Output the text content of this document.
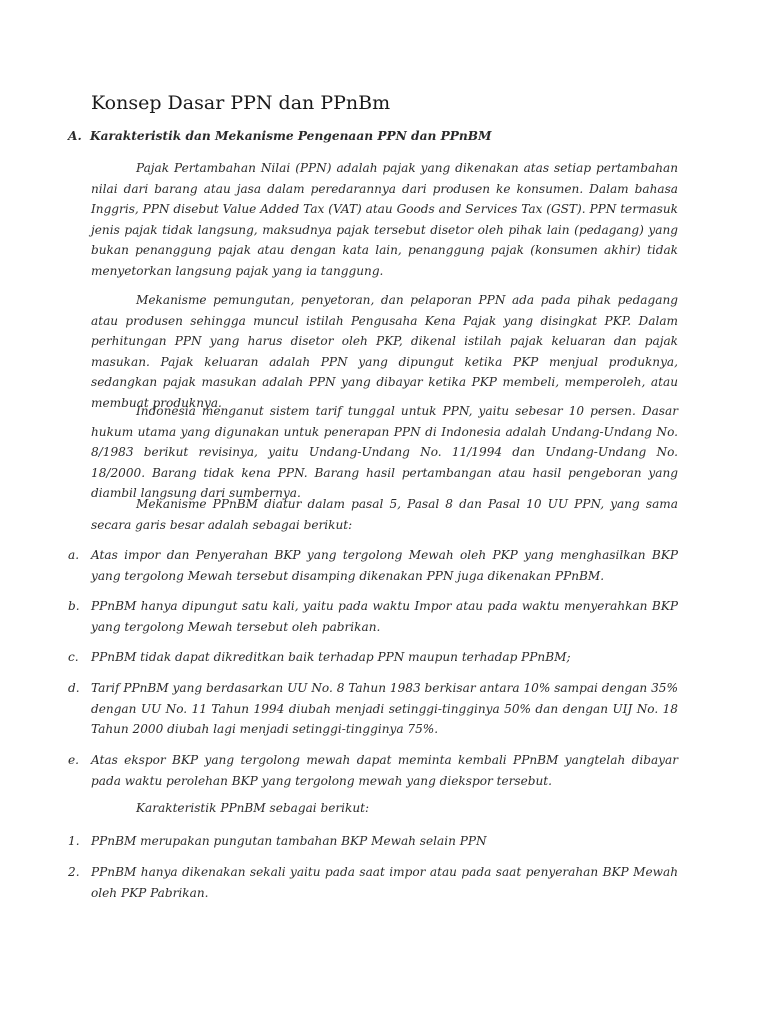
Konsep Dasar PPN dan PPnBm
A. Karakteristik dan Mekanisme Pengenaan PPN dan PPnBM

Pajak Pertambahan Nilai (PPN) adalah pajak yang dikenakan atas setiap pertambahan nilai dari barang atau jasa dalam peredarannya dari produsen ke konsumen. Dalam bahasa Inggris, PPN disebut Value Added Tax (VAT) atau Goods and Services Tax (GST). PPN termasuk jenis pajak tidak langsung, maksudnya pajak tersebut disetor oleh pihak lain (pedagang) yang bukan penanggung pajak atau dengan kata lain, penanggung pajak (konsumen akhir) tidak menyetorkan langsung pajak yang ia tanggung.

Mekanisme pemungutan, penyetoran, dan pelaporan PPN ada pada pihak pedagang atau produsen sehingga muncul istilah Pengusaha Kena Pajak yang disingkat PKP. Dalam perhitungan PPN yang harus disetor oleh PKP, dikenal istilah pajak keluaran dan pajak masukan. Pajak keluaran adalah PPN yang dipungut ketika PKP menjual produknya, sedangkan pajak masukan adalah PPN yang dibayar ketika PKP membeli, memperoleh, atau membuat produknya.

Indonesia menganut sistem tarif tunggal untuk PPN, yaitu sebesar 10 persen. Dasar hukum utama yang digunakan untuk penerapan PPN di Indonesia adalah Undang-Undang No. 8/1983 berikut revisinya, yaitu Undang-Undang No. 11/1994 dan Undang-Undang No. 18/2000. Barang tidak kena PPN. Barang hasil pertambangan atau hasil pengeboran yang diambil langsung dari sumbernya.

Mekanisme PPnBM diatur dalam pasal 5, Pasal 8 dan Pasal 10 UU PPN, yang sama secara garis besar adalah sebagai berikut:

a. Atas impor dan Penyerahan BKP yang tergolong Mewah oleh PKP yang menghasilkan BKP yang tergolong Mewah tersebut disamping dikenakan PPN juga dikenakan PPnBM.
b. PPnBM hanya dipungut satu kali, yaitu pada waktu Impor atau pada waktu menyerahkan BKP yang tergolong Mewah tersebut oleh pabrikan.
c. PPnBM tidak dapat dikreditkan baik terhadap PPN maupun terhadap PPnBM;
d. Tarif PPnBM yang berdasarkan UU No. 8 Tahun 1983 berkisar antara 10% sampai dengan 35% dengan UU No. 11 Tahun 1994 diubah menjadi setinggi-tingginya 50% dan dengan UIJ No. 18 Tahun 2000 diubah lagi menjadi setinggi-tingginya 75%.
e. Atas ekspor BKP yang tergolong mewah dapat meminta kembali PPnBM yangtelah dibayar pada waktu perolehan BKP yang tergolong mewah yang diekspor tersebut.

Karakteristik PPnBM sebagai berikut:

1. PPnBM merupakan pungutan tambahan BKP Mewah selain PPN
2. PPnBM hanya dikenakan sekali yaitu pada saat impor atau pada saat penyerahan BKP Mewah oleh PKP Pabrikan.
